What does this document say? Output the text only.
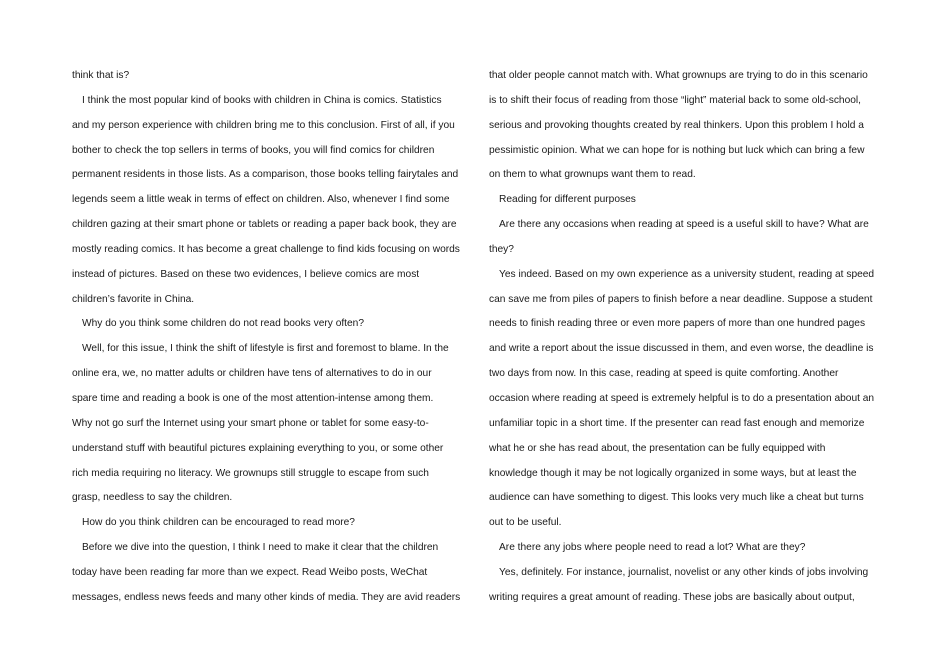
think that is?
I think the most popular kind of books with children in China is comics. Statistics
and my person experience with children bring me to this conclusion. First of all, if you
bother to check the top sellers in terms of books, you will find comics for children
permanent residents in those lists. As a comparison, those books telling fairytales and
legends seem a little weak in terms of effect on children. Also, whenever I find some
children gazing at their smart phone or tablets or reading a paper back book, they are
mostly reading comics. It has become a great challenge to find kids focusing on words
instead of pictures. Based on these two evidences, I believe comics are most
children’s favorite in China.
Why do you think some children do not read books very often?
Well, for this issue, I think the shift of lifestyle is first and foremost to blame. In the
online era, we, no matter adults or children have tens of alternatives to do in our
spare time and reading a book is one of the most attention-intense among them.
Why not go surf the Internet using your smart phone or tablet for some easy-to-
understand stuff with beautiful pictures explaining everything to you, or some other
rich media requiring no literacy. We grownups still struggle to escape from such
grasp, needless to say the children.
How do you think children can be encouraged to read more?
Before we dive into the question, I think I need to make it clear that the children
today have been reading far more than we expect. Read Weibo posts, WeChat
messages, endless news feeds and many other kinds of media. They are avid readers
that older people cannot match with. What grownups are trying to do in this scenario
is to shift their focus of reading from those “light” material back to some old-school,
serious and provoking thoughts created by real thinkers. Upon this problem I hold a
pessimistic opinion. What we can hope for is nothing but luck which can bring a few
on them to what grownups want them to read.
Reading for different purposes
Are there any occasions when reading at speed is a useful skill to have? What are
they?
Yes indeed. Based on my own experience as a university student, reading at speed
can save me from piles of papers to finish before a near deadline. Suppose a student
needs to finish reading three or even more papers of more than one hundred pages
and write a report about the issue discussed in them, and even worse, the deadline is
two days from now. In this case, reading at speed is quite comforting. Another
occasion where reading at speed is extremely helpful is to do a presentation about an
unfamiliar topic in a short time. If the presenter can read fast enough and memorize
what he or she has read about, the presentation can be fully equipped with
knowledge though it may be not logically organized in some ways, but at least the
audience can have something to digest. This looks very much like a cheat but turns
out to be useful.
Are there any jobs where people need to read a lot? What are they?
Yes, definitely. For instance, journalist, novelist or any other kinds of jobs involving
writing requires a great amount of reading. These jobs are basically about output,
